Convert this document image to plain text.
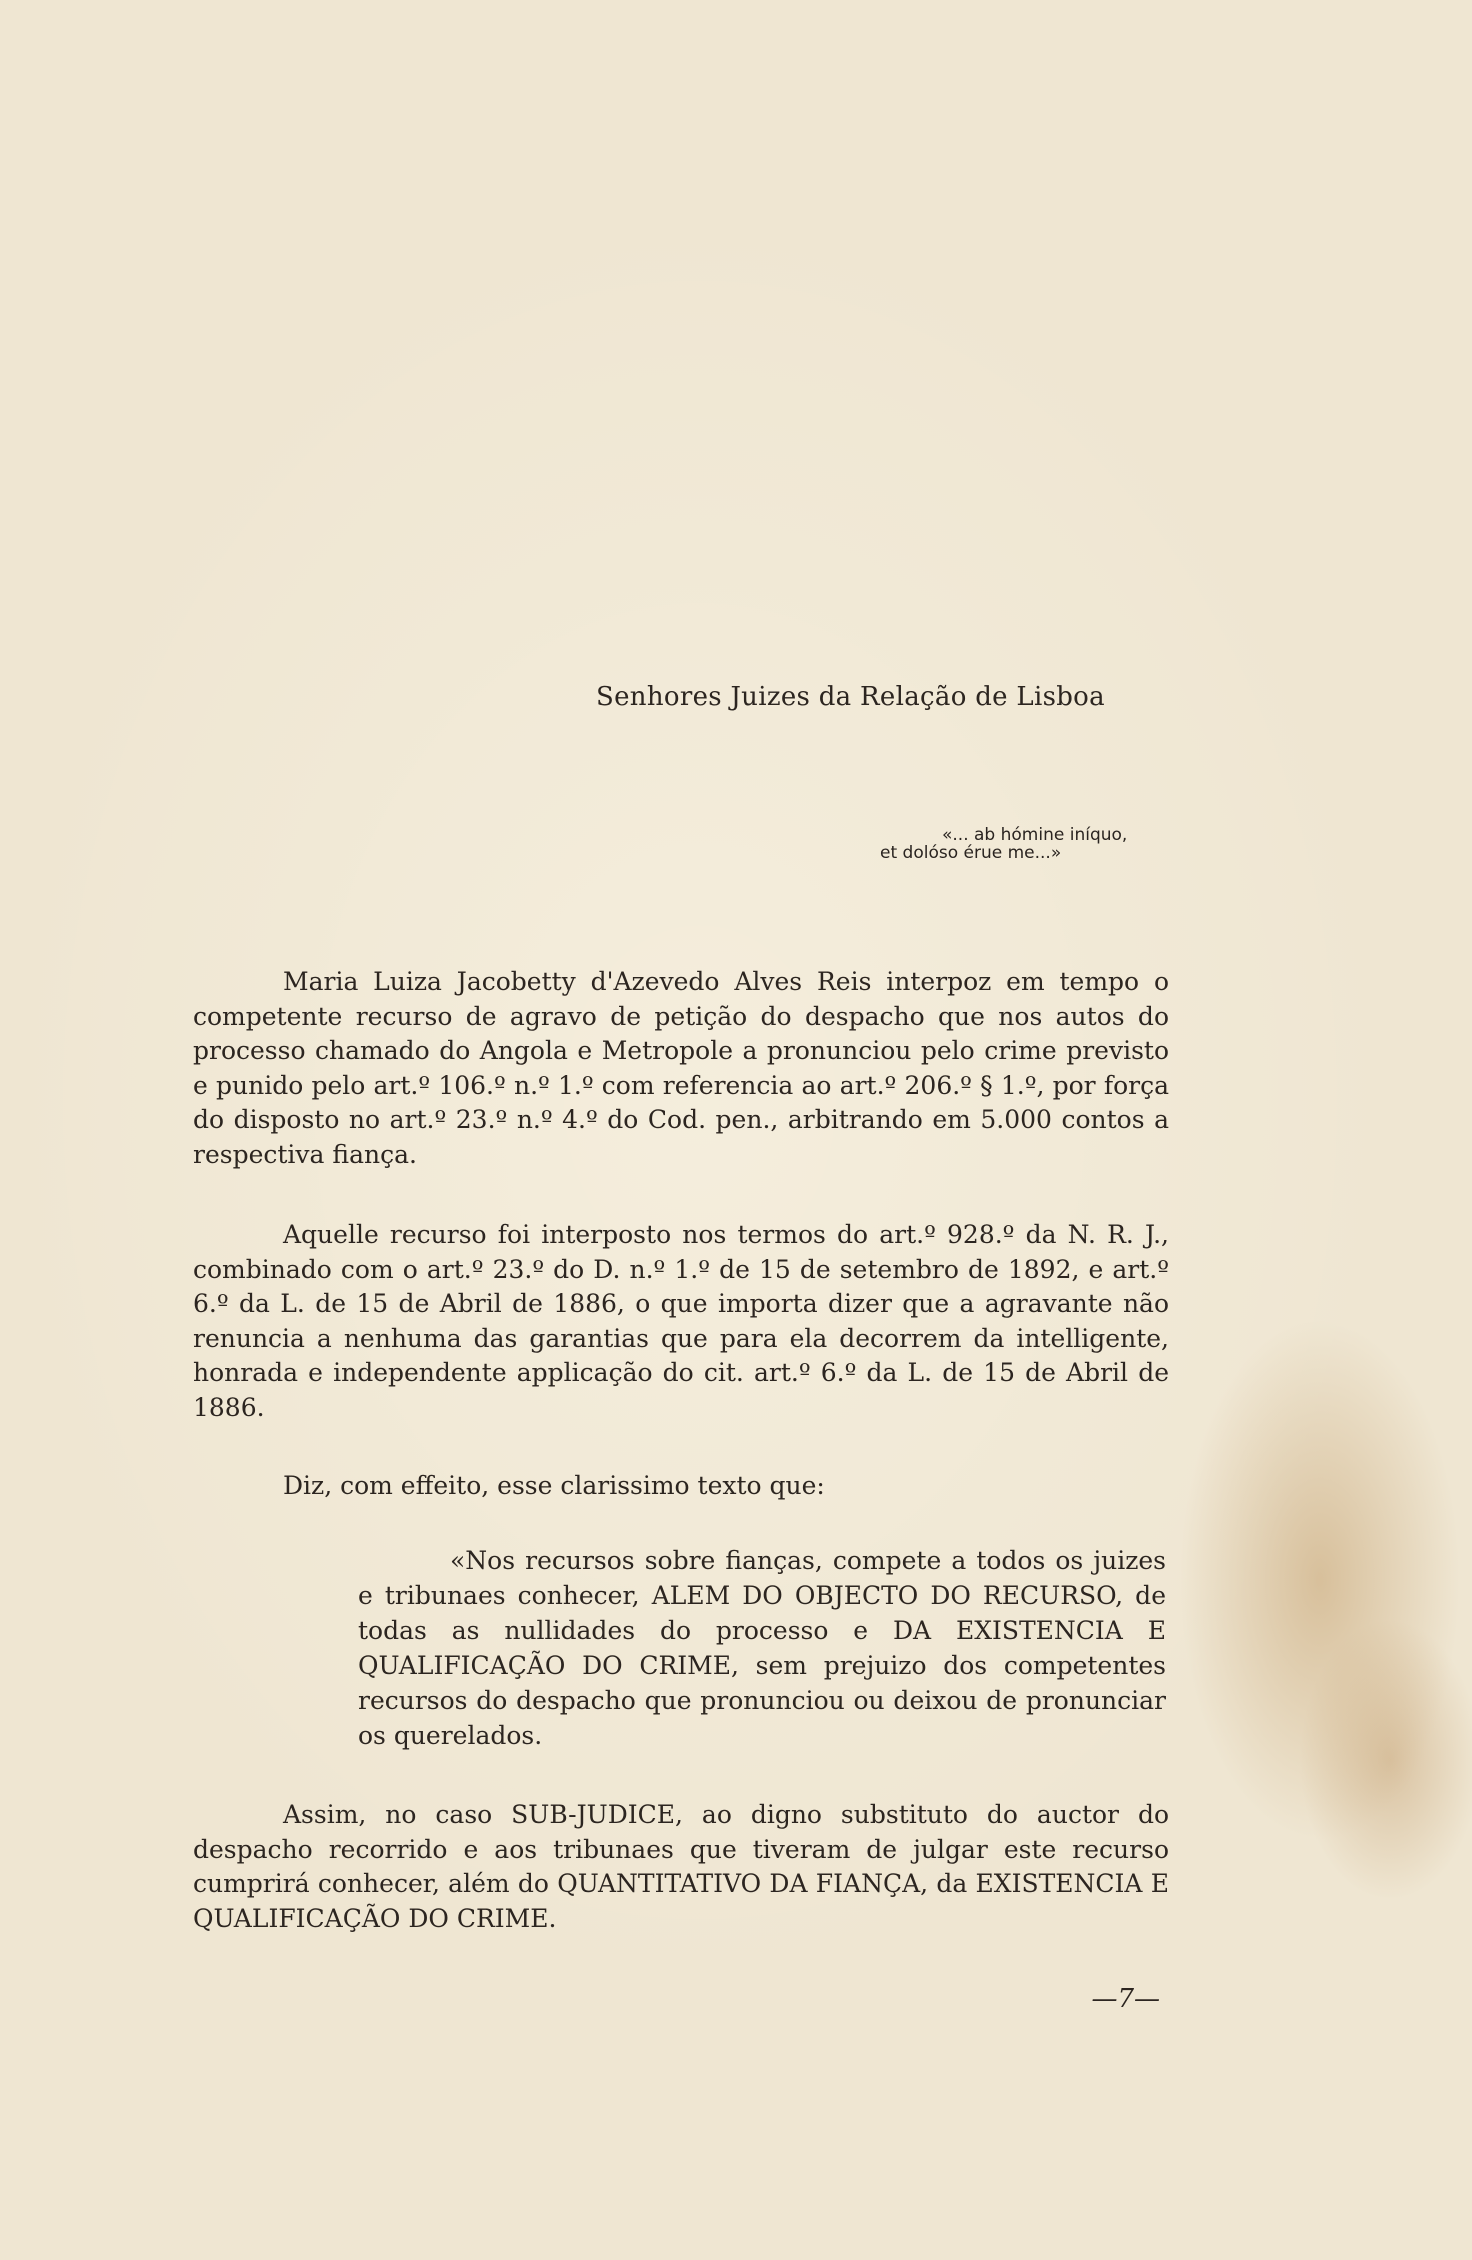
Senhores Juizes da Relação de Lisboa
«... ab hómine iníquo,
et dolóso érue me...»

Maria Luiza Jacobetty d'Azevedo Alves Reis interpoz em tempo o competente recurso de agravo de petição do despacho que nos autos do processo chamado do Angola e Metropole a pronunciou pelo crime previsto e punido pelo art.º 106.º n.º 1.º com referencia ao art.º 206.º § 1.º, por força do disposto no art.º 23.º n.º 4.º do Cod. pen., arbitrando em 5.000 contos a respectiva fiança.

Aquelle recurso foi interposto nos termos do art.º 928.º da N. R. J., combinado com o art.º 23.º do D. n.º 1.º de 15 de setembro de 1892, e art.º 6.º da L. de 15 de Abril de 1886, o que importa dizer que a agravante não renuncia a nenhuma das garantias que para ela decorrem da intelligente, honrada e independente applicação do cit. art.º 6.º da L. de 15 de Abril de 1886.

Diz, com effeito, esse clarissimo texto que:

«Nos recursos sobre fianças, compete a todos os juizes e tribunaes conhecer, ALEM DO OBJECTO DO RECURSO, de todas as nullidades do processo e DA EXISTENCIA E QUALIFICAÇÃO DO CRIME, sem prejuizo dos competentes recursos do despacho que pronunciou ou deixou de pronunciar os querelados.

Assim, no caso SUB-JUDICE, ao digno substituto do auctor do despacho recorrido e aos tribunaes que tiveram de julgar este recurso cumprirá conhecer, além do QUANTITATIVO DA FIANÇA, da EXISTENCIA E QUALIFICAÇÃO DO CRIME.

—7—
